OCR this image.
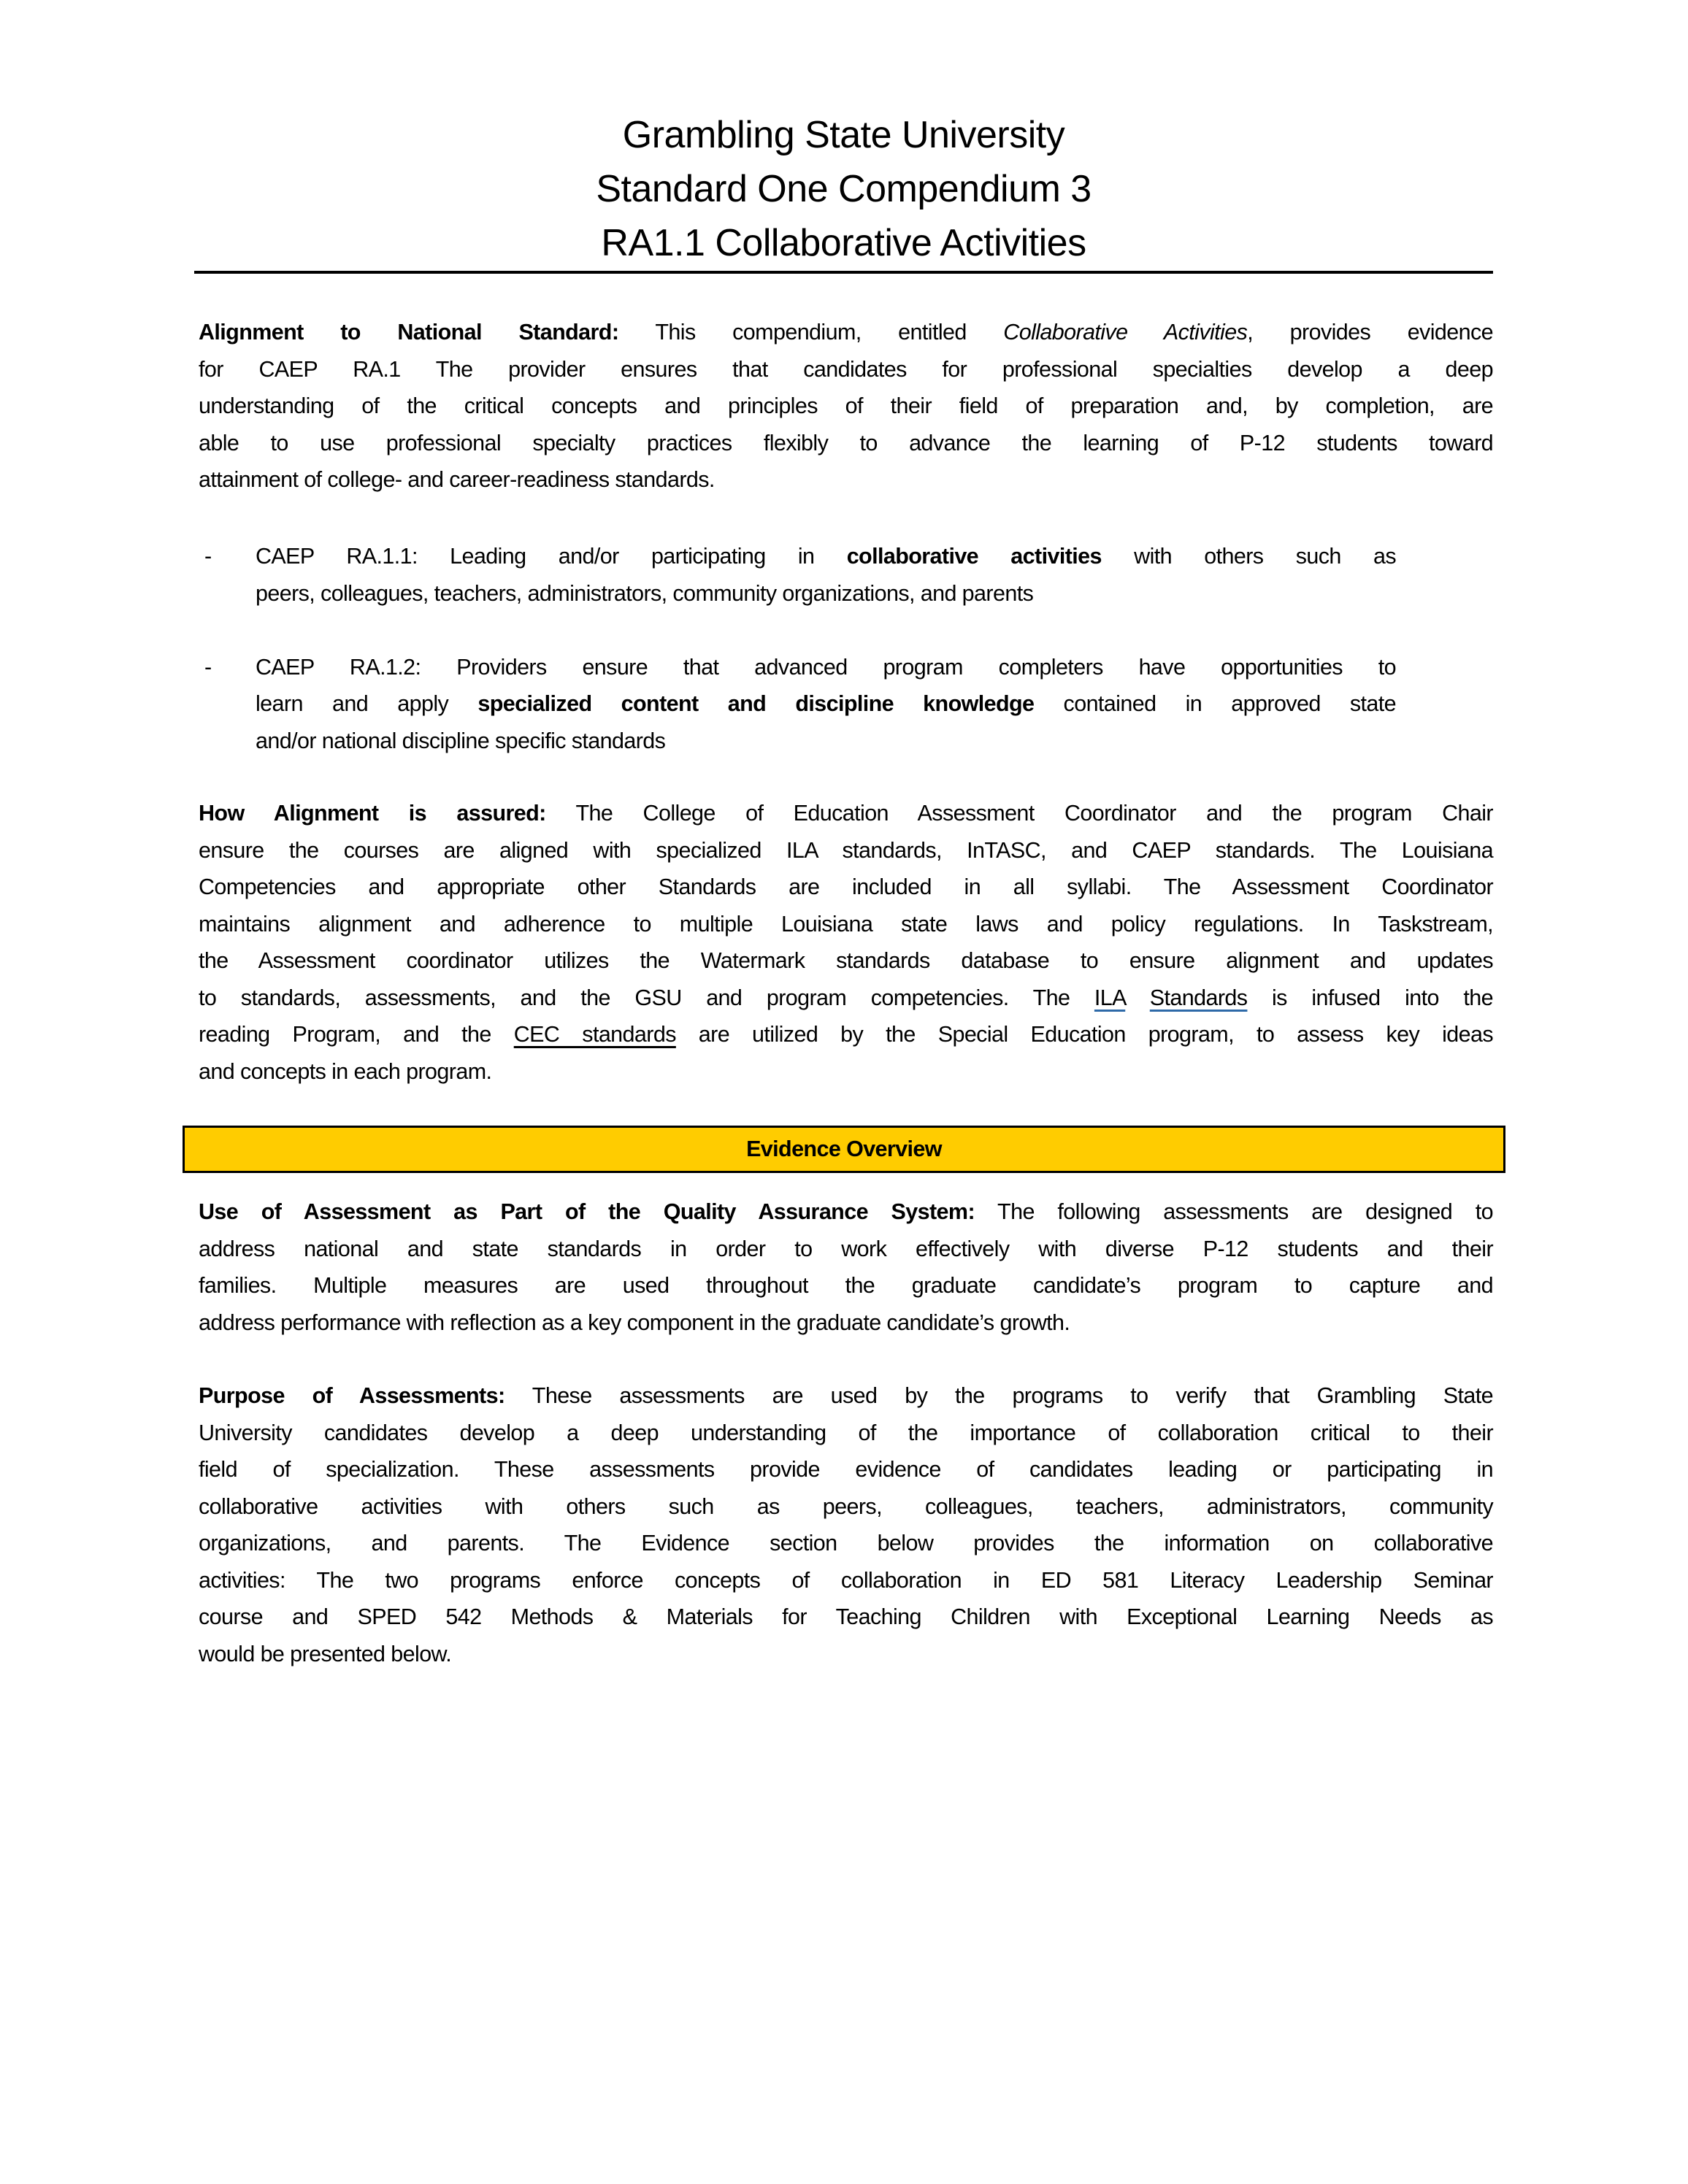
Grambling State University
Standard One Compendium 3
RA1.1 Collaborative Activities
Alignment to National Standard: This compendium, entitled Collaborative Activities, provides evidence
for CAEP RA.1 The provider ensures that candidates for professional specialties develop a deep
understanding of the critical concepts and principles of their field of preparation and, by completion, are
able to use professional specialty practices flexibly to advance the learning of P-12 students toward
attainment of college- and career-readiness standards.
- CAEP RA.1.1: Leading and/or participating in collaborative activities with others such as
peers, colleagues, teachers, administrators, community organizations, and parents
- CAEP RA.1.2: Providers ensure that advanced program completers have opportunities to
learn and apply specialized content and discipline knowledge contained in approved state
and/or national discipline specific standards
How Alignment is assured: The College of Education Assessment Coordinator and the program Chair
ensure the courses are aligned with specialized ILA standards, InTASC, and CAEP standards. The Louisiana
Competencies and appropriate other Standards are included in all syllabi. The Assessment Coordinator
maintains alignment and adherence to multiple Louisiana state laws and policy regulations. In Taskstream,
the Assessment coordinator utilizes the Watermark standards database to ensure alignment and updates
to standards, assessments, and the GSU and program competencies. The ILA Standards is infused into the
reading Program, and the CEC standards are utilized by the Special Education program, to assess key ideas
and concepts in each program.
Evidence Overview
Use of Assessment as Part of the Quality Assurance System: The following assessments are designed to
address national and state standards in order to work effectively with diverse P-12 students and their
families. Multiple measures are used throughout the graduate candidate’s program to capture and
address performance with reflection as a key component in the graduate candidate’s growth.
Purpose of Assessments: These assessments are used by the programs to verify that Grambling State
University candidates develop a deep understanding of the importance of collaboration critical to their
field of specialization. These assessments provide evidence of candidates leading or participating in
collaborative activities with others such as peers, colleagues, teachers, administrators, community
organizations, and parents. The Evidence section below provides the information on collaborative
activities: The two programs enforce concepts of collaboration in ED 581 Literacy Leadership Seminar
course and SPED 542 Methods & Materials for Teaching Children with Exceptional Learning Needs as
would be presented below.
